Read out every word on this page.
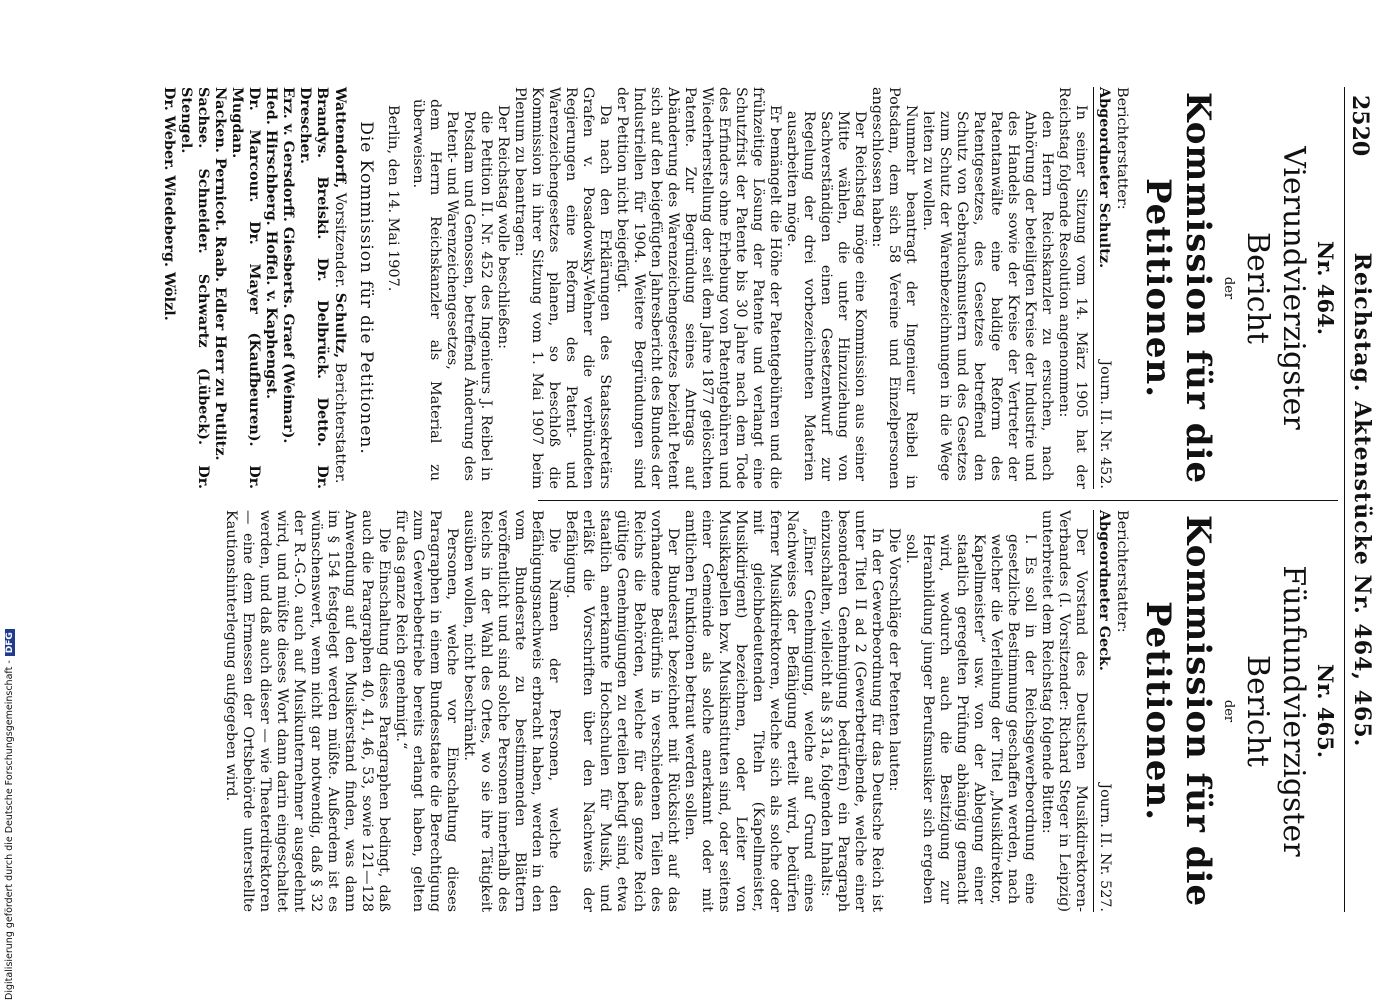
2520
Reichstag. Aktenstücke Nr. 464, 465.
Nr. 464.
Vierundvierzigster Bericht
der
Kommission für die Petitionen.
Berichterstatter:
Abgeordneter Schultz.
Journ. II. Nr. 452.

In seiner Sitzung vom 14. März 1905 hat der Reichstag folgende Resolution angenommen:

den Herrn Reichskanzler zu ersuchen, nach Anhörung der beteiligten Kreise der Industrie und des Handels sowie der Kreise der Vertreter der Patentanwälte eine baldige Reform des Patentgesetzes, des Gesetzes betreffend den Schutz von Gebrauchsmustern und des Gesetzes zum Schutz der Warenbezeichnungen in die Wege leiten zu wollen.

Nunmehr beantragt der Ingenieur Reibel in Potsdam, dem sich 58 Vereine und Einzelpersonen angeschlossen haben:

Der Reichstag möge eine Kommission aus seiner Mitte wählen, die unter Hinzuziehung von Sachverständigen einen Gesetzentwurf zur Regelung der drei vorbezeichneten Materien ausarbeiten möge.

Er bemängelt die Höhe der Patentgebühren und die frühzeitige Lösung der Patente und verlangt eine Schutzfrist der Patente bis 30 Jahre nach dem Tode des Erfinders ohne Erhebung von Patentgebühren und Wiederherstellung der seit dem Jahre 1877 gelöschten Patente. Zur Begründung seines Antrags auf Abänderung des Warenzeichengesetzes bezieht Petent sich auf den beigefügten Jahresbericht des Bundes der Industriellen für 1904. Weitere Begründungen sind der Petition nicht beigefügt.

Da nach den Erklärungen des Staatssekretärs Grafen v. Posadowsky-Wehner die verbündeten Regierungen eine Reform des Patent- und Warenzeichengesetzes planen, so beschloß die Kommission in ihrer Sitzung vom 1. Mai 1907 beim Plenum zu beantragen:

Der Reichstag wolle beschließen:

die Petition II. Nr. 452 des Ingenieurs J. Reibel in Potsdam und Genossen, betreffend Änderung des Patent- und Warenzeichengesetzes,

dem Herrn Reichskanzler als Material zu überweisen.

Berlin, den 14. Mai 1907.

Die Kommission für die Petitionen.

Wattendorff, Vorsitzender. Schultz, Berichterstatter.

Brandys. Breiski. Dr. Delbrück. Detto. Dr. Drescher.

Erz. v. Gersdorff. Giesberts. Graef (Weimar).

Hed. Hirschberg. Hoffel. v. Kaphengst.

Dr. Marcour. Dr. Mayer (Kaufbeuren). Dr. Mugdan.

Nacken. Pernicot. Raab. Edler Herr zu Putlitz.

Sachse. Schneider. Schwartz (Lübeck). Dr. Stengel.

Dr. Weber. Wiedeberg. Wölzl.

Nr. 465.
Fünfundvierzigster Bericht
der
Kommission für die Petitionen.
Berichterstatter:
Abgeordneter Geck.
Journ. II. Nr. 527.

Der Vorstand des Deutschen Musikdirektoren-Verbandes (I. Vorsitzender: Richard Steger in Leipzig) unterbreitet dem Reichstag folgende Bitten:

I. Es soll in der Reichsgewerbeordnung eine gesetzliche Bestimmung geschaffen werden, nach welcher die Verleihung der Titel „Musikdirektor, Kapellmeister“ usw. von der Ablegung einer staatlich geregelten Prüfung abhängig gemacht wird, wodurch auch die Besitzigung zur Heranbildung junger Berufsmusiker sich ergeben soll.

Die Vorschläge der Petenten lauten:

In der Gewerbeordnung für das Deutsche Reich ist unter Titel II ad 2 (Gewerbetreibende, welche einer besonderen Genehmigung bedürfen) ein Paragraph einzuschalten, vielleicht als § 31a, folgenden Inhalts:

„Einer Genehmigung, welche auf Grund eines Nachweises der Befähigung erteilt wird, bedürfen ferner Musikdirektoren, welche sich als solche oder mit gleichbedeutenden Titeln (Kapellmeister, Musikdirigent) bezeichnen, oder Leiter von Musikkapellen bzw. Musikinstituten sind, oder seitens einer Gemeinde als solche anerkannt oder mit amtlichen Funktionen betraut werden sollen.

Der Bundesrat bezeichnet mit Rücksicht auf das vorhandene Bedürfnis in verschiedenen Teilen des Reichs die Behörden, welche für das ganze Reich gültige Genehmigungen zu erteilen befugt sind, etwa staatlich anerkannte Hochschulen für Musik, und erläßt die Vorschriften über den Nachweis der Befähigung.

Die Namen der Personen, welche den Befähigungsnachweis erbracht haben, werden in den vom Bundesrate zu bestimmenden Blättern veröffentlicht und sind solche Personen innerhalb des Reichs in der Wahl des Ortes, wo sie ihre Tätigkeit ausüben wollen, nicht beschränkt.

Personen, welche vor Einschaltung dieses Paragraphen in einem Bundesstaate die Berechtigung zum Gewerbebetriebe bereits erlangt haben, gelten für das ganze Reich genehmigt.“

Die Einschaltung dieses Paragraphen bedingt, daß auch die Paragraphen 40, 41, 46, 53, sowie 121—128 Anwendung auf den Musikerstand finden, was dann im § 154 festgelegt werden müßte. Außerdem ist es wünschenswert, wenn nicht gar notwendig, daß § 32 der R.-G.-O. auch auf Musikunternehmer ausgedehnt wird, und müßte dieses Wort dann darin eingeschaltet werden, und daß auch dieser — wie Theaterdirektoren — eine dem Ermessen der Ortsbehörde unterstellte Kautionshinterlegung aufgegeben wird.

Digitalisierung gefördert durch die Deutsche Forschungsgemeinschaft -DFG
